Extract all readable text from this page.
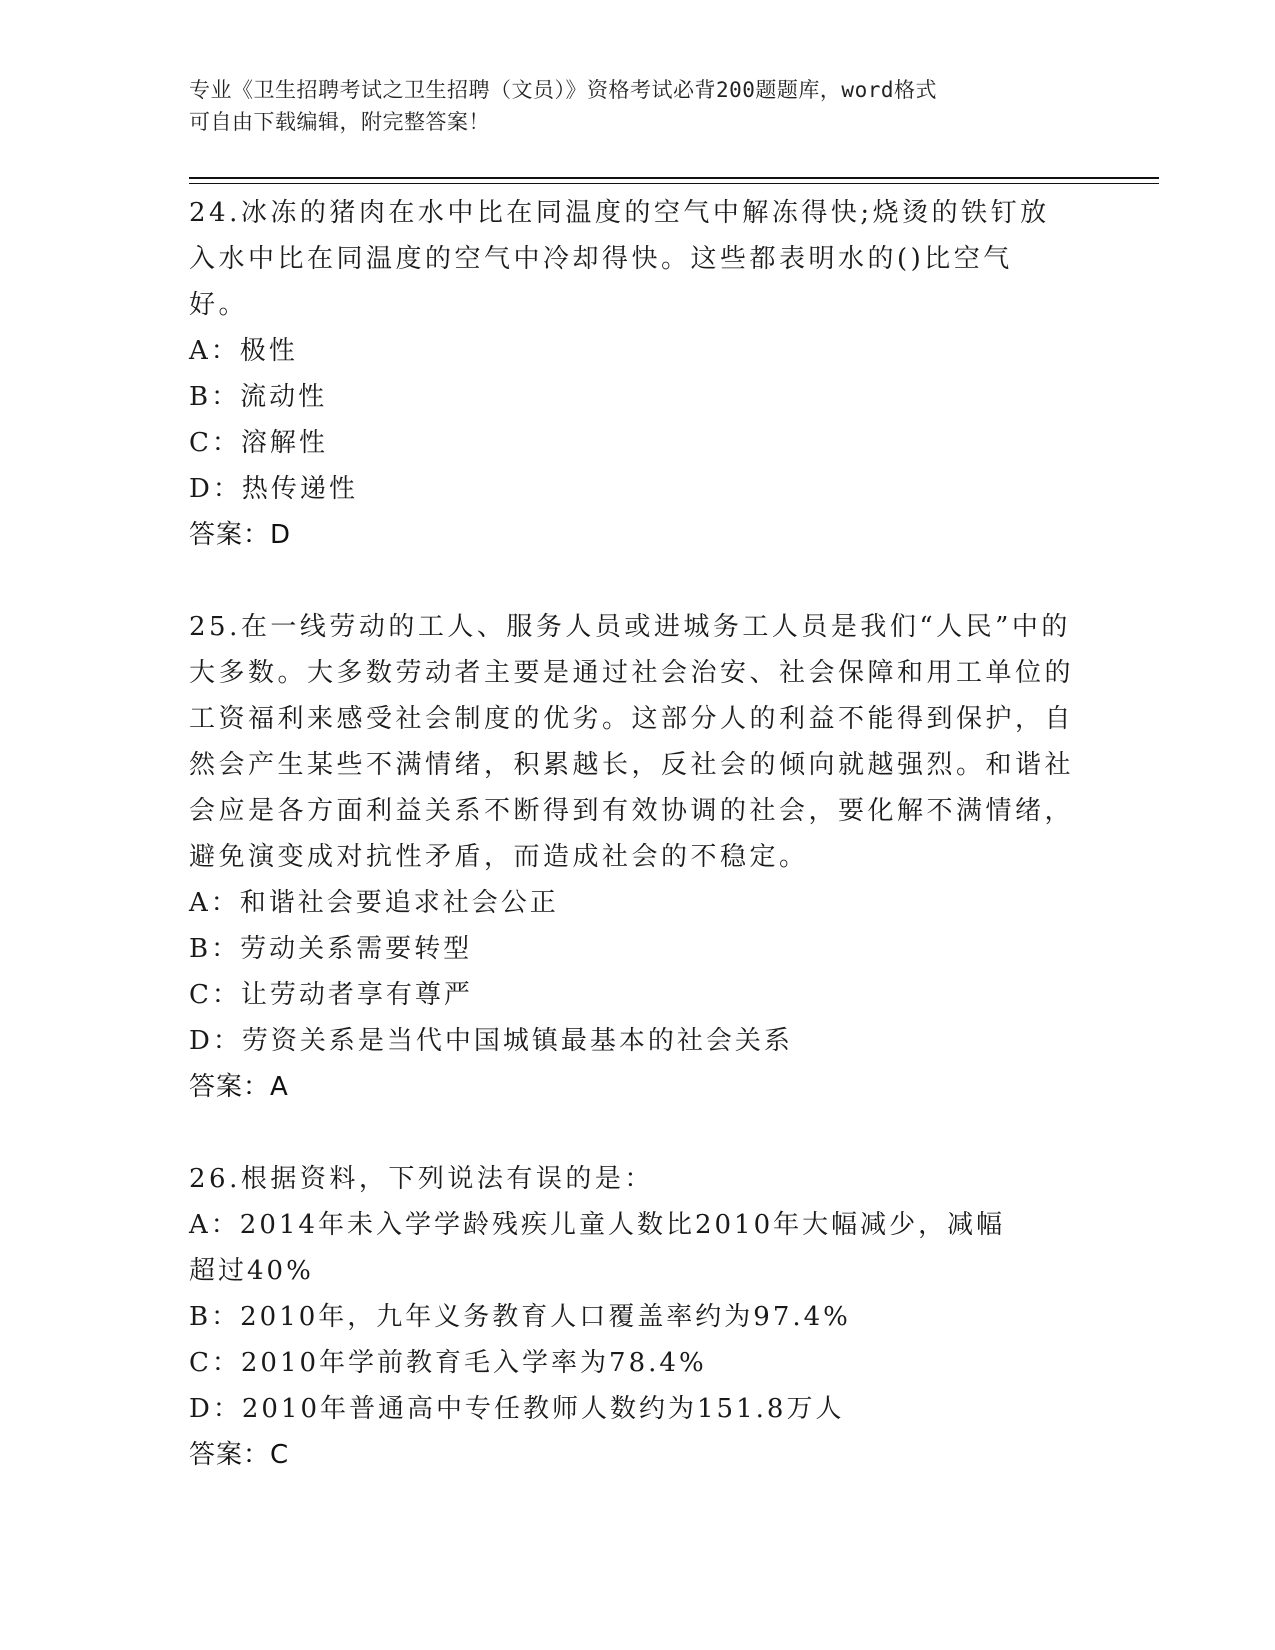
专业《卫生招聘考试之卫生招聘（文员）》资格考试必背200题题库，word格式
可自由下载编辑，附完整答案！

24.冰冻的猪肉在水中比在同温度的空气中解冻得快;烧烫的铁钉放入水中比在同温度的空气中冷却得快。这些都表明水的()比空气好。

A：极性

B：流动性

C：溶解性

D：热传递性

答案：D

25.在一线劳动的工人、服务人员或进城务工人员是我们“人民”中的大多数。大多数劳动者主要是通过社会治安、社会保障和用工单位的工资福利来感受社会制度的优劣。这部分人的利益不能得到保护，自然会产生某些不满情绪，积累越长，反社会的倾向就越强烈。和谐社会应是各方面利益关系不断得到有效协调的社会，要化解不满情绪，避免演变成对抗性矛盾，而造成社会的不稳定。

A：和谐社会要追求社会公正

B：劳动关系需要转型

C：让劳动者享有尊严

D：劳资关系是当代中国城镇最基本的社会关系

答案：A

26.根据资料，下列说法有误的是：

A：2014年未入学学龄残疾儿童人数比2010年大幅减少，减幅超过40%

B：2010年，九年义务教育人口覆盖率约为97.4%

C：2010年学前教育毛入学率为78.4%

D：2010年普通高中专任教师人数约为151.8万人

答案：C
